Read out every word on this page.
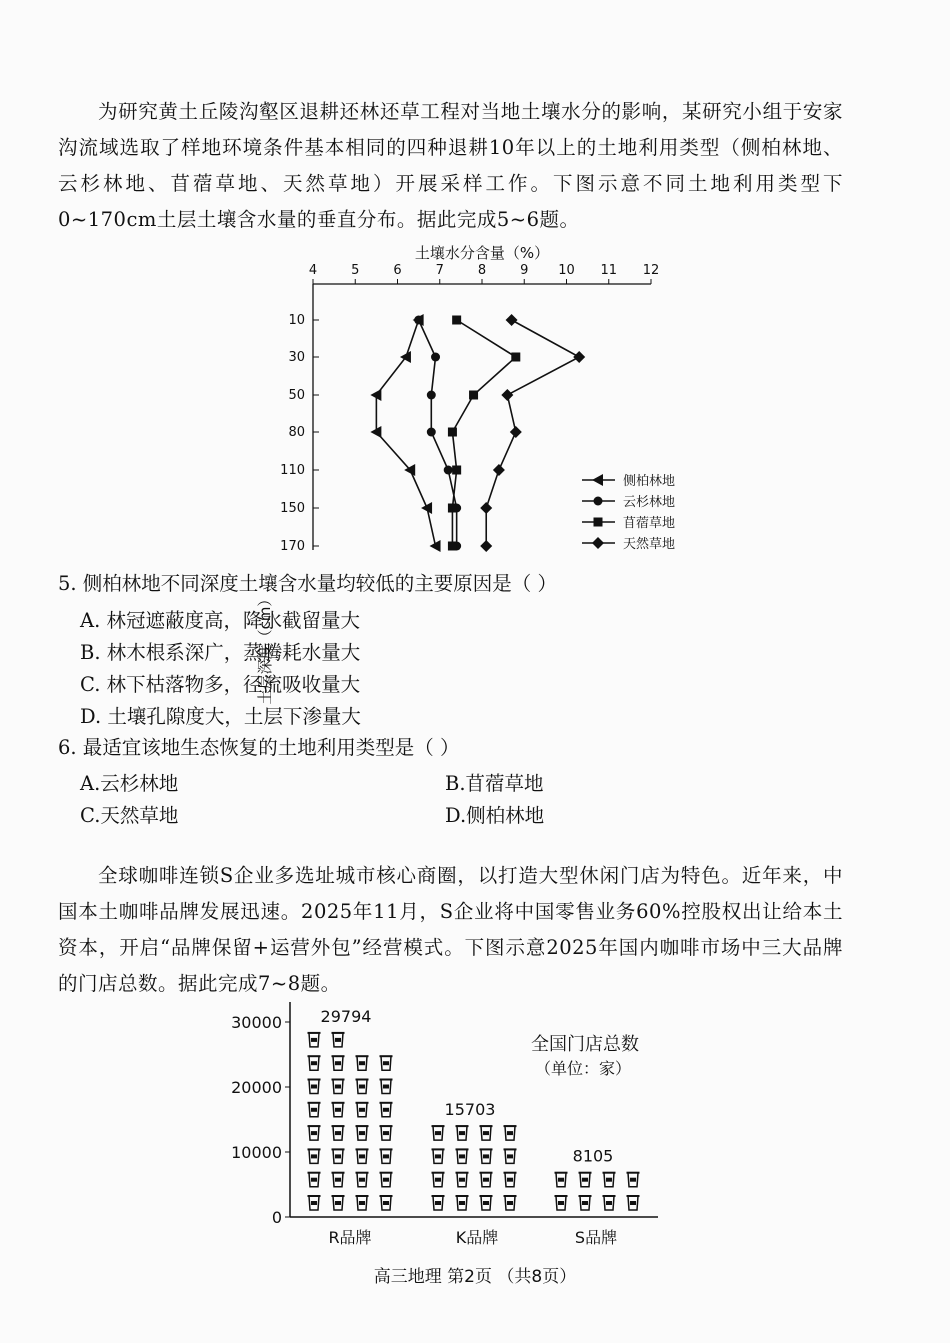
为研究黄土丘陵沟壑区退耕还林还草工程对当地土壤水分的影响，某研究小组于安家沟流域选取了样地环境条件基本相同的四种退耕10年以上的土地利用类型（侧柏林地、云杉林地、苜蓿草地、天然草地）开展采样工作。下图示意不同土地利用类型下0~170cm土层土壤含水量的垂直分布。据此完成5~6题。

土壤水分含量（%）
土层深度（cm）
4	5	6	7	8	9 10 11 12
10
30
50
80
110
150
170
侧柏林地
云杉林地
苜蓿草地
天然草地
5. 侧柏林地不同深度土壤含水量均较低的主要原因是（ ）
A. 林冠遮蔽度高，降水截留量大
B. 林木根系深广，蒸腾耗水量大
C. 林下枯落物多，径流吸收量大
D. 土壤孔隙度大，土层下渗量大
6. 最适宜该地生态恢复的土地利用类型是（ ）
A.云杉林地	B.苜蓿草地
C.天然草地	D.侧柏林地

全球咖啡连锁S企业多选址城市核心商圈，以打造大型休闲门店为特色。近年来，中国本土咖啡品牌发展迅速。2025年11月，S企业将中国零售业务60%控股权出让给本土资本，开启“品牌保留+运营外包”经营模式。下图示意2025年国内咖啡市场中三大品牌的门店总数。据此完成7~8题。

全国门店总数
（单位：家）
0
10000
20000
30000 29794
R品牌
15703
K品牌
8105
S品牌
高三地理 第2页 （共8页）
